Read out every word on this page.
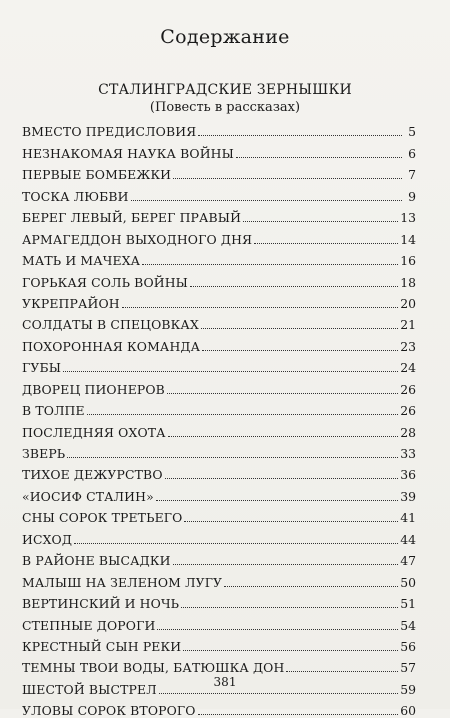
Содержание
СТАЛИНГРАДСКИЕ ЗЕРНЫШКИ
(Повесть в рассказах)
ВМЕСТО ПРЕДИСЛОВИЯ	5
НЕЗНАКОМАЯ НАУКА ВОЙНЫ	6
ПЕРВЫЕ БОМБЕЖКИ	7
ТОСКА ЛЮБВИ	9
БЕРЕГ ЛЕВЫЙ, БЕРЕГ ПРАВЫЙ	13
АРМАГЕДДОН ВЫХОДНОГО ДНЯ	14
МАТЬ И МАЧЕХА	16
ГОРЬКАЯ СОЛЬ ВОЙНЫ	18
УКРЕПРАЙОН	20
СОЛДАТЫ В СПЕЦОВКАХ	21
ПОХОРОННАЯ КОМАНДА	23
ГУБЫ	24
ДВОРЕЦ ПИОНЕРОВ	26
В ТОЛПЕ	26
ПОСЛЕДНЯЯ ОХОТА	28
ЗВЕРЬ	33
ТИХОЕ ДЕЖУРСТВО	36
«ИОСИФ СТАЛИН»	39
СНЫ СОРОК ТРЕТЬЕГО	41
ИСХОД	44
В РАЙОНЕ ВЫСАДКИ	47
МАЛЫШ НА ЗЕЛЕНОМ ЛУГУ	50
ВЕРТИНСКИЙ И НОЧЬ	51
СТЕПНЫЕ ДОРОГИ	54
КРЕСТНЫЙ СЫН РЕКИ	56
ТЕМНЫ ТВОИ ВОДЫ, БАТЮШКА ДОН	57
ШЕСТОЙ ВЫСТРЕЛ	59
УЛОВЫ СОРОК ВТОРОГО	60
381
